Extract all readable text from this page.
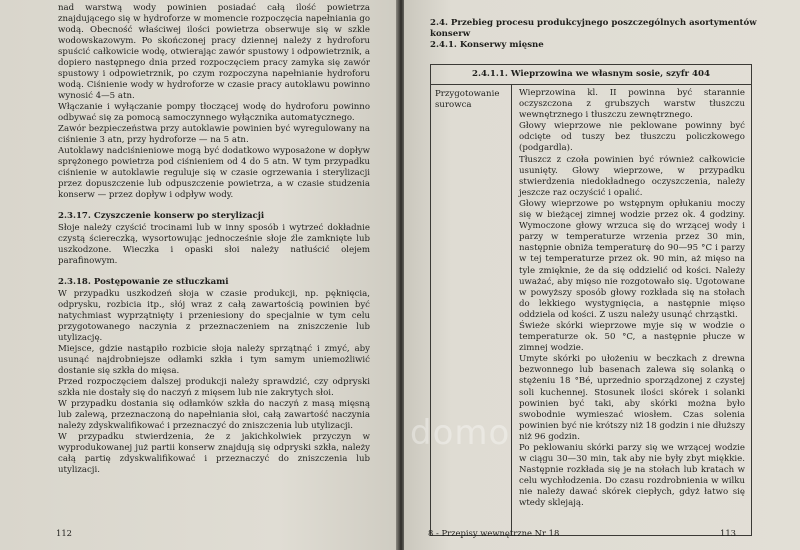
nad warstwą wody powinien posiadać całą ilość powietrza znajdującego się w hydroforze w momencie rozpoczęcia napełniania go wodą. Obecność właściwej ilości powietrza obserwuje się w szkle wodowskazowym. Po skończonej pracy dziennej należy z hydroforu spuścić całkowicie wodę, otwierając zawór spustowy i odpowietrznik, a dopiero następnego dnia przed rozpoczęciem pracy zamyka się zawór spustowy i odpowietrznik, po czym rozpoczyna napełnianie hydroforu wodą. Ciśnienie wody w hydroforze w czasie pracy autoklawu powinno wynosić 4—5 atn.

Włączanie i wyłączanie pompy tłoczącej wodę do hydroforu powinno odbywać się za pomocą samoczynnego wyłącznika automatycznego.

Zawór bezpieczeństwa przy autoklawie powinien być wyregulowany na ciśnienie 3 atn, przy hydroforze — na 5 atn.

Autoklawy nadciśnieniowe mogą być dodatkowo wyposażone w dopływ sprężonego powietrza pod ciśnieniem od 4 do 5 atn. W tym przypadku ciśnienie w autoklawie reguluje się w czasie ogrzewania i sterylizacji przez dopuszczenie lub odpuszczenie powietrza, a w czasie studzenia konserw — przez dopływ i odpływ wody.

2.3.17. Czyszczenie konserw po sterylizacji

Słoje należy czyścić trocinami lub w inny sposób i wytrzeć dokładnie czystą ściereczką, wysortowując jednocześnie słoje źle zamknięte lub uszkodzone. Wieczka i opaski słoi należy natłuścić olejem parafinowym.

2.3.18. Postępowanie ze stłuczkami

W przypadku uszkodzeń słoja w czasie produkcji, np. pęknięcia, odprysku, rozbicia itp., słój wraz z całą zawartością powinien być natychmiast wyprzątnięty i przeniesiony do specjalnie w tym celu przygotowanego naczynia z przeznaczeniem na zniszczenie lub utylizację.

Miejsce, gdzie nastąpiło rozbicie słoja należy sprzątnąć i zmyć, aby usunąć najdrobniejsze odłamki szkła i tym samym uniemożliwić dostanie się szkła do mięsa.

Przed rozpoczęciem dalszej produkcji należy sprawdzić, czy odpryski szkła nie dostały się do naczyń z mięsem lub nie zakrytych słoi.

W przypadku dostania się odłamków szkła do naczyń z masą mięsną lub zalewą, przeznaczoną do napełniania słoi, całą zawartość naczynia należy zdyskwalifikować i przeznaczyć do zniszczenia lub utylizacji.

W przypadku stwierdzenia, że z jakichkolwiek przyczyn w wyprodukowanej już partii konserw znajdują się odpryski szkła, należy całą partię zdyskwalifikować i przeznaczyć do zniszczenia lub utylizacji.

112

2.4. Przebieg procesu produkcyjnego poszczególnych asortymentów konserw

2.4.1. Konserwy mięsne

2.4.1.1. Wieprzowina we własnym sosie, szyfr 404
Przygotowanie surowca

Wieprzowina kl. II powinna być starannie oczyszczona z grubszych warstw tłuszczu wewnętrznego i tłuszczu zewnętrznego.

Głowy wieprzowe nie peklowane powinny być odcięte od tuszy bez tłuszczu policzkowego (podgardla).

Tłuszcz z czoła powinien być również całkowicie usunięty. Głowy wieprzowe, w przypadku stwierdzenia niedokładnego oczyszczenia, należy jeszcze raz oczyścić i opalić.

Głowy wieprzowe po wstępnym opłukaniu moczy się w bieżącej zimnej wodzie przez ok. 4 godziny. Wymoczone głowy wrzuca się do wrzącej wody i parzy w temperaturze wrzenia przez 30 min, następnie obniża temperaturę do 90—95 °C i parzy w tej temperaturze przez ok. 90 min, aż mięso na tyle zmięknie, że da się oddzielić od kości. Należy uważać, aby mięso nie rozgotowało się. Ugotowane w powyższy sposób głowy rozkłada się na stołach do lekkiego wystygnięcia, a następnie mięso oddziela od kości. Z uszu należy usunąć chrząstki.

Świeże skórki wieprzowe myje się w wodzie o temperaturze ok. 50 °C, a następnie płucze w zimnej wodzie.

Umyte skórki po ułożeniu w beczkach z drewna bezwonnego lub basenach zalewa się solanką o stężeniu 18 °Bé, uprzednio sporządzonej z czystej soli kuchennej. Stosunek ilości skórek i solanki powinien być taki, aby skórki można było swobodnie wymieszać wiosłem. Czas solenia powinien być nie krótszy niż 18 godzin i nie dłuższy niż 96 godzin.

Po peklowaniu skórki parzy się we wrzącej wodzie w ciągu 30—30 min, tak aby nie były zbyt miękkie. Następnie rozkłada się je na stołach lub kratach w celu wychłodzenia. Do czasu rozdrobnienia w wilku nie należy dawać skórek ciepłych, gdyż łatwo się wtedy sklejają.

8 - Przepisy wewnętrzne Nr 18	113
domo
